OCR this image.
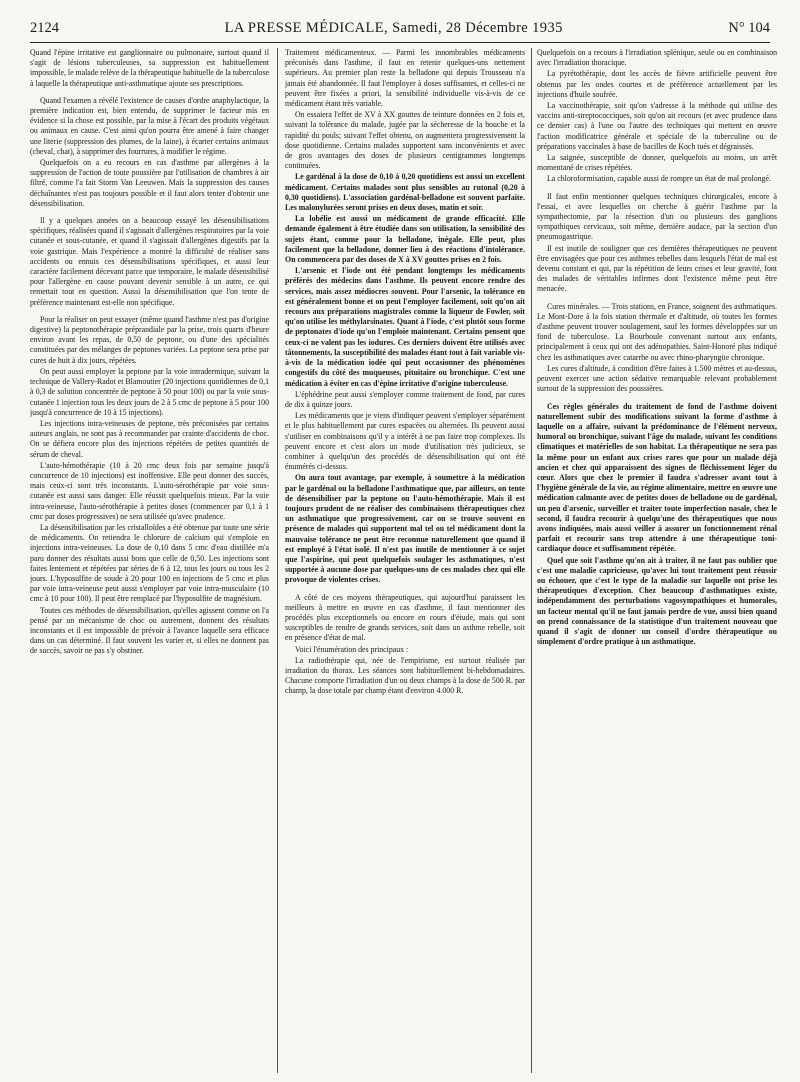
2124	LA PRESSE MÉDICALE, Samedi, 28 Décembre 1935	N° 104

Quand l'épine irritative est ganglionnaire ou pulmonaire, surtout quand il s'agit de lésions tuberculeuses, sa suppression est habituellement impossible, le malade relève de la thérapeutique habituelle de la tuberculose à laquelle la thérapeutique anti-asthmatique ajoute ses prescriptions.

Quand l'examen a révélé l'existence de causes d'ordre anaphylactique, la première indication est, bien entendu, de supprimer le facteur mis en évidence si la chose est possible, par la mise à l'écart des produits végétaux ou animaux en cause. C'est ainsi qu'on pourra être amené à faire changer une literie (suppression des plumes, de la laine), à écarter certains animaux (cheval, chat), à supprimer des fourrures, à modifier le régime.

Quelquefois on a eu recours en cas d'asthme par allergènes à la suppression de l'action de toute poussière par l'utilisation de chambres à air filtré, comme l'a fait Storm Van Leeuwen. Mais la suppression des causes déchaînantes n'est pas toujours possible et il faut alors tenter d'obtenir une désensibilisation.

Il y a quelques années on a beaucoup essayé les désensibilisations spécifiques, réalisées quand il s'agissait d'allergènes respiratoires par la voie cutanée et sous-cutanée, et quand il s'agissait d'allergènes digestifs par la voie gastrique. Mais l'expérience a montré la difficulté de réaliser sans accidents ou ennuis ces désensibilisations spécifiques, et aussi leur caractère facilement décevant parce que temporaire, le malade désensibilisé pour l'allergène en cause pouvant devenir sensible à un autre, ce qui remettait tout en question. Aussi la désensibilisation que l'on tente de préférence maintenant est-elle non spécifique.

Pour la réaliser on peut essayer (même quand l'asthme n'est pas d'origine digestive) la peptonothérapie préprandiale par la prise, trois quarts d'heure environ avant les repas, de 0,50 de peptone, ou d'une des spécialités constituées par des mélanges de peptones variées. La peptone sera prise par cures de huit à dix jours, répétées.

On peut aussi employer la peptone par la voie intradermique, suivant la technique de Vallery-Radot et Blamoutier (20 injections quotidiennes de 0,1 à 0,3 de solution concentrée de peptone à 50 pour 100) ou par la voie sous-cutanée 1 injection tous les deux jours de 2 à 5 cmc de peptone à 5 pour 100 jusqu'à concurrence de 10 à 15 injections).

Les injections intra-veineuses de peptone, très préconisées par certains auteurs anglais, ne sont pas à recommander par crainte d'accidents de choc. On se défiera encore plus des injections répétées de petites quantités de sérum de cheval.

L'auto-hémothérapie (10 à 20 cmc deux fois par semaine jusqu'à concurrence de 10 injections) est inoffensive. Elle peut donner des succès, mais ceux-ci sont très inconstants. L'auto-sérothérapie par voie sous-cutanée est aussi sans danger. Elle réussit quelquefois mieux. Par la voie intra-veineuse, l'auto-sérothérapie à petites doses (commencer par 0,1 à 1 cmc par doses progressives) ne sera utilisée qu'avec prudence.

La désensibilisation par les cristalloïdes a été obtenue par toute une série de médicaments. On retiendra le chlorure de calcium qui s'emploie en injections intra-veineuses. La dose de 0,10 dans 5 cmc d'eau distillée m'a paru donner des résultats aussi bons que celle de 0,50. Les injections sont faites lentement et répétées par séries de 6 à 12, tous les jours ou tous les 2 jours. L'hyposulfite de soude à 20 pour 100 en injections de 5 cmc et plus par voie intra-veineuse peut aussi s'employer par voie intra-musculaire (10 cmc à 10 pour 100). Il peut être remplacé par l'hyposulfite de magnésium.

Toutes ces méthodes de désensibilisation, qu'elles agissent comme on l'a pensé par un mécanisme de choc ou autrement, donnent des résultats inconstants et il est impossible de prévoir à l'avance laquelle sera efficace dans un cas déterminé. Il faut souvent les varier et, si elles ne donnent pas de succès, savoir ne pas s'y obstiner.

Traitement médicamenteux. — Parmi les innombrables médicaments préconisés dans l'asthme, il faut en retenir quelques-uns nettement supérieurs. Au premier plan reste la belladone qui depuis Trousseau n'a jamais été abandonnée. Il faut l'employer à doses suffisantes, et celles-ci ne peuvent être fixées a priori, la sensibilité individuelle vis-à-vis de ce médicament étant très variable.

On essaiera l'effet de XV à XX gouttes de teinture données en 2 fois et, suivant la tolérance du malade, jugée par la sécheresse de la bouche et la rapidité du pouls; suivant l'effet obtenu, on augmentera progressivement la dose quotidienne. Certains malades supportent sans inconvénients et avec de gros avantages des doses de plusieurs centigrammes longtemps continuées.

Le gardénal à la dose de 0,10 à 0,20 quotidiens est aussi un excellent médicament. Certains malades sont plus sensibles au rutonal (0,20 à 0,30 quotidiens). L'association gardénal-belladone est souvent parfaite. Les malonylurées seront prises en deux doses, matin et soir.

La lobélie est aussi un médicament de grande efficacité. Elle demande également à être étudiée dans son utilisation, la sensibilité des sujets étant, comme pour la belladone, inégale. Elle peut, plus facilement que la belladone, donner lieu à des réactions d'intolérance. On commencera par des doses de X à XV gouttes prises en 2 fois.

L'arsenic et l'iode ont été pendant longtemps les médicaments préférés des médecins dans l'asthme. Ils peuvent encore rendre des services, mais assez médiocres souvent. Pour l'arsenic, la tolérance en est généralement bonne et on peut l'employer facilement, soit qu'on ait recours aux préparations magistrales comme la liqueur de Fowler, soit qu'on utilise les méthylarsinates. Quant à l'iode, c'est plutôt sous forme de peptonates d'iode qu'on l'emploie maintenant. Certains pensent que ceux-ci ne valent pas les iodures. Ces derniers doivent être utilisés avec tâtonnements, la susceptibilité des malades étant tout à fait variable vis-à-vis de la médication iodée qui peut occasionner des phénomènes congestifs du côté des muqueuses, pituitaire ou bronchique. C'est une médication à éviter en cas d'épine irritative d'origine tuberculeuse.

L'éphédrine peut aussi s'employer comme traitement de fond, par cures de dix à quinze jours.

Les médicaments que je viens d'indiquer peuvent s'employer séparément et le plus habituellement par cures espacées ou alternées. Ils peuvent aussi s'utiliser en combinaisons qu'il y a intérêt à ne pas faire trop complexes. Ils peuvent encore et c'est alors un mode d'utilisation très judicieux, se combiner à quelqu'un des procédés de désensibilisation qui ont été énumérés ci-dessus.

On aura tout avantage, par exemple, à soumettre à la médication par le gardénal ou la belladone l'asthmatique que, par ailleurs, on tente de désensibiliser par la peptone ou l'auto-hémothérapie. Mais il est toujours prudent de ne réaliser des combinaisons thérapeutiques chez un asthmatique que progressivement, car on se trouve souvent en présence de malades qui supportent mal tel ou tel médicament dont la mauvaise tolérance ne peut être reconnue naturellement que quand il est employé à l'état isolé. Il n'est pas inutile de mentionner à ce sujet que l'aspirine, qui peut quelquefois soulager les asthmatiques, n'est supportée à aucune dose par quelques-uns de ces malades chez qui elle provoque de violentes crises.

A côté de ces moyens thérapeutiques, qui aujourd'hui paraissent les meilleurs à mettre en œuvre en cas d'asthme, il faut mentionner des procédés plus exceptionnels ou encore en cours d'étude, mais qui sont susceptibles de rendre de grands services, soit dans un asthme rebelle, soit en présence d'état de mal.

Voici l'énumération des principaux :

La radiothérapie qui, née de l'empirisme, est surtout réalisée par irradiation du thorax. Les séances sont habituellement bi-hebdomadaires. Chacune comporte l'irradiation d'un ou deux champs à la dose de 500 R. par champ, la dose totale par champ étant d'environ 4.000 R.

Quelquefois on a recours à l'irradiation splénique, seule ou en combinaison avec l'irradiation thoracique.

La pyrétothérapie, dont les accès de fièvre artificielle peuvent être obtenus par les ondes courtes et de préférence actuellement par les injections d'huile soufrée.

La vaccinothérapie, soit qu'on s'adresse à la méthode qui utilise des vaccins anti-streptococciques, soit qu'on ait recours (et avec prudence dans ce dernier cas) à l'une ou l'autre des techniques qui mettent en œuvre l'action modificatrice générale et spéciale de la tuberculine ou de préparations vaccinales à base de bacilles de Koch tués et dégraissés.

La saignée, susceptible de donner, quelquefois au moins, un arrêt momentané de crises répétées.

La chloroformisation, capable aussi de rompre un état de mal prolongé.

Il faut enfin mentionner quelques techniques chirurgicales, encore à l'essai, et avec lesquelles on cherche à guérir l'asthme par la sympathectomie, par la résection d'un ou plusieurs des ganglions sympathiques cervicaux, soit même, dernière audace, par la section d'un pneumogastrique.

Il est inutile de souligner que ces dernières thérapeutiques ne peuvent être envisagées que pour ces asthmes rebelles dans lesquels l'état de mal est devenu constant et qui, par la répétition de leurs crises et leur gravité, font des malades de véritables infirmes dont l'existence même peut être menacée.

Cures minérales. — Trois stations, en France, soignent des asthmatiques. Le Mont-Dore à la fois station thermale et d'altitude, où toutes les formes d'asthme peuvent trouver soulagement, sauf les formes développées sur un fond de tuberculose. La Bourboule convenant surtout aux enfants, principalement à ceux qui ont des adénopathies. Saint-Honoré plus indiqué chez les asthmatiques avec catarrhe ou avec rhino-pharyngite chronique.

Les cures d'altitude, à condition d'être faites à 1.500 mètres et au-dessus, peuvent exercer une action sédative remarquable relevant probablement surtout de la suppression des poussières.

Ces règles générales du traitement de fond de l'asthme doivent naturellement subir des modifications suivant la forme d'asthme à laquelle on a affaire, suivant la prédominance de l'élément nerveux, humoral ou bronchique, suivant l'âge du malade, suivant les conditions climatiques et matérielles de son habitat. La thérapeutique ne sera pas la même pour un enfant aux crises rares que pour un malade déjà ancien et chez qui apparaissent des signes de fléchissement léger du cœur. Alors que chez le premier il faudra s'adresser avant tout à l'hygiène générale de la vie, au régime alimentaire, mettre en œuvre une médication calmante avec de petites doses de belladone ou de gardénal, un peu d'arsenic, surveiller et traiter toute imperfection nasale, chez le second, il faudra recourir à quelqu'une des thérapeutiques que nous avons indiquées, mais aussi veiller à assurer un fonctionnement rénal parfait et recourir sans trop attendre à une thérapeutique toni-cardiaque douce et suffisamment répétée.

Quel que soit l'asthme qu'on ait à traiter, il ne faut pas oublier que c'est une maladie capricieuse, qu'avec lui tout traitement peut réussir ou échouer, que c'est le type de la maladie sur laquelle ont prise les thérapeutiques d'exception. Chez beaucoup d'asthmatiques existe, indépendamment des perturbations vagosympathiques et humorales, un facteur mental qu'il ne faut jamais perdre de vue, aussi bien quand on prend connaissance de la statistique d'un traitement nouveau que quand il s'agit de donner un conseil d'ordre thérapeutique ou simplement d'ordre pratique à un asthmatique.
